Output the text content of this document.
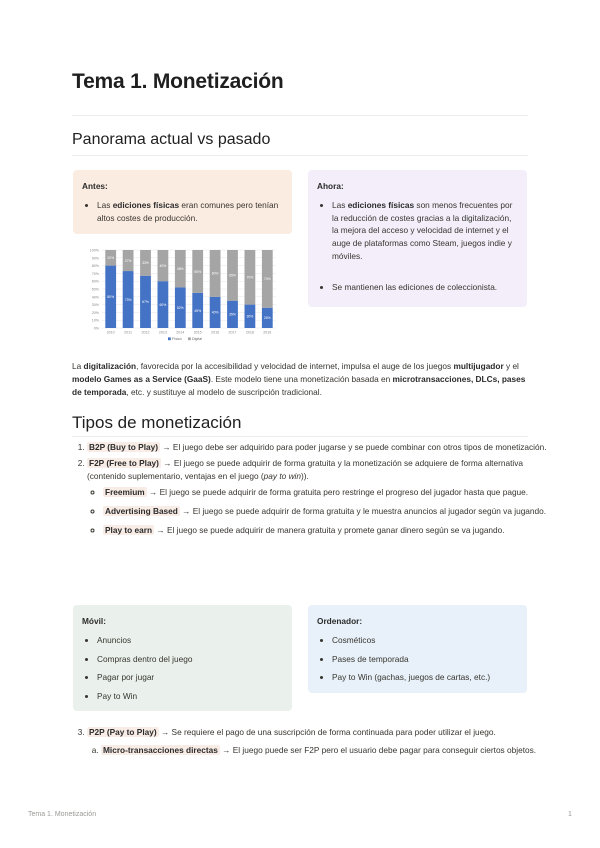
Tema 1. Monetización
Panorama actual vs pasado
Antes:
• Las ediciones físicas eran comunes pero tenían altos costes de producción.
Ahora:
• Las ediciones físicas son menos frecuentes por la reducción de costes gracias a la digitalización, la mejora del acceso y velocidad de internet y el auge de plataformas como Steam, juegos indie y móviles.
• Se mantienen las ediciones de coleccionista.
0%
10%
20%
30%
40%
50%
60%
70%
80%
90%
100%
80%
20%
2010
73%
27%
2011
67%
33%
2012
60%
40%
2013
52%
48%
2014
45%
55%
2015
40%
60%
2016
35%
65%
2017
30%
70%
2018
26%
74%
2019
Físico	Digital

La digitalización, favorecida por la accesibilidad y velocidad de internet, impulsa el auge de los juegos multijugador y el modelo Games as a Service (GaaS). Este modelo tiene una monetización basada en microtransacciones, DLCs, pases de temporada, etc. y sustituye al modelo de suscripción tradicional.

Tipos de monetización
1. B2P (Buy to Play) → El juego debe ser adquirido para poder jugarse y se puede combinar con otros tipos de monetización.
2. F2P (Free to Play) → El juego se puede adquirir de forma gratuita y la monetización se adquiere de forma alternativa (contenido suplementario, ventajas en el juego (pay to win)).
◦ Freemium → El juego se puede adquirir de forma gratuita pero restringe el progreso del jugador hasta que pague.
◦ Advertising Based → El juego se puede adquirir de forma gratuita y le muestra anuncios al jugador según va jugando.
◦ Play to earn → El juego se puede adquirir de manera gratuita y promete ganar dinero según se va jugando.
Móvil:
• Anuncios
• Compras dentro del juego
• Pagar por jugar
• Pay to Win
Ordenador:
• Cosméticos
• Pases de temporada
• Pay to Win (gachas, juegos de cartas, etc.)
3. P2P (Pay to Play) → Se requiere el pago de una suscripción de forma continuada para poder utilizar el juego.
a. Micro-transacciones directas → El juego puede ser F2P pero el usuario debe pagar para conseguir ciertos objetos.
Tema 1. Monetización	1
